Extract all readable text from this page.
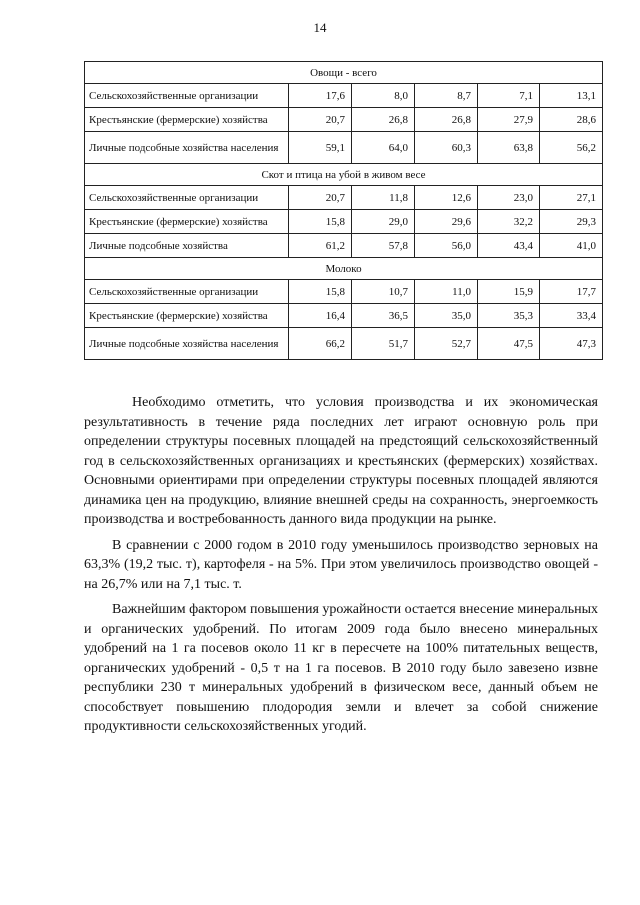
14
Овощи - всего					
Сельскохозяйственные организации	17,6	8,0	8,7	7,1	13,1
Крестьянские (фермерские) хозяйства	20,7	26,8	26,8	27,9	28,6
Личные подсобные хозяйства населения	59,1	64,0	60,3	63,8	56,2
Скот и птица на убой в живом весе					
Сельскохозяйственные организации	20,7	11,8	12,6	23,0	27,1
Крестьянские (фермерские) хозяйства	15,8	29,0	29,6	32,2	29,3
Личные подсобные хозяйства	61,2	57,8	56,0	43,4	41,0
Молоко					
Сельскохозяйственные организации	15,8	10,7	11,0	15,9	17,7
Крестьянские (фермерские) хозяйства	16,4	36,5	35,0	35,3	33,4
Личные подсобные хозяйства населения	66,2	51,7	52,7	47,5	47,3

Необходимо отметить, что условия производства и их экономическая результативность в течение ряда последних лет играют основную роль при определении структуры посевных площадей на предстоящий сельскохозяйственный год в сельскохозяйственных организациях и крестьянских (фермерских) хозяйствах. Основными ориентирами при определении структуры посевных площадей являются динамика цен на продукцию, влияние внешней среды на сохранность, энергоемкость производства и востребованность данного вида продукции на рынке.

В сравнении с 2000 годом в 2010 году уменьшилось производство зерновых на 63,3% (19,2 тыс. т), картофеля - на 5%. При этом увеличилось производство овощей - на 26,7% или на 7,1 тыс. т.

Важнейшим фактором повышения урожайности остается внесение минеральных и органических удобрений. По итогам 2009 года было внесено минеральных удобрений на 1 га посевов около 11 кг в пересчете на 100% питательных веществ, органических удобрений - 0,5 т на 1 га посевов. В 2010 году было завезено извне республики 230 т минеральных удобрений в физическом весе, данный объем не способствует повышению плодородия земли и влечет за собой снижение продуктивности сельскохозяйственных угодий.
